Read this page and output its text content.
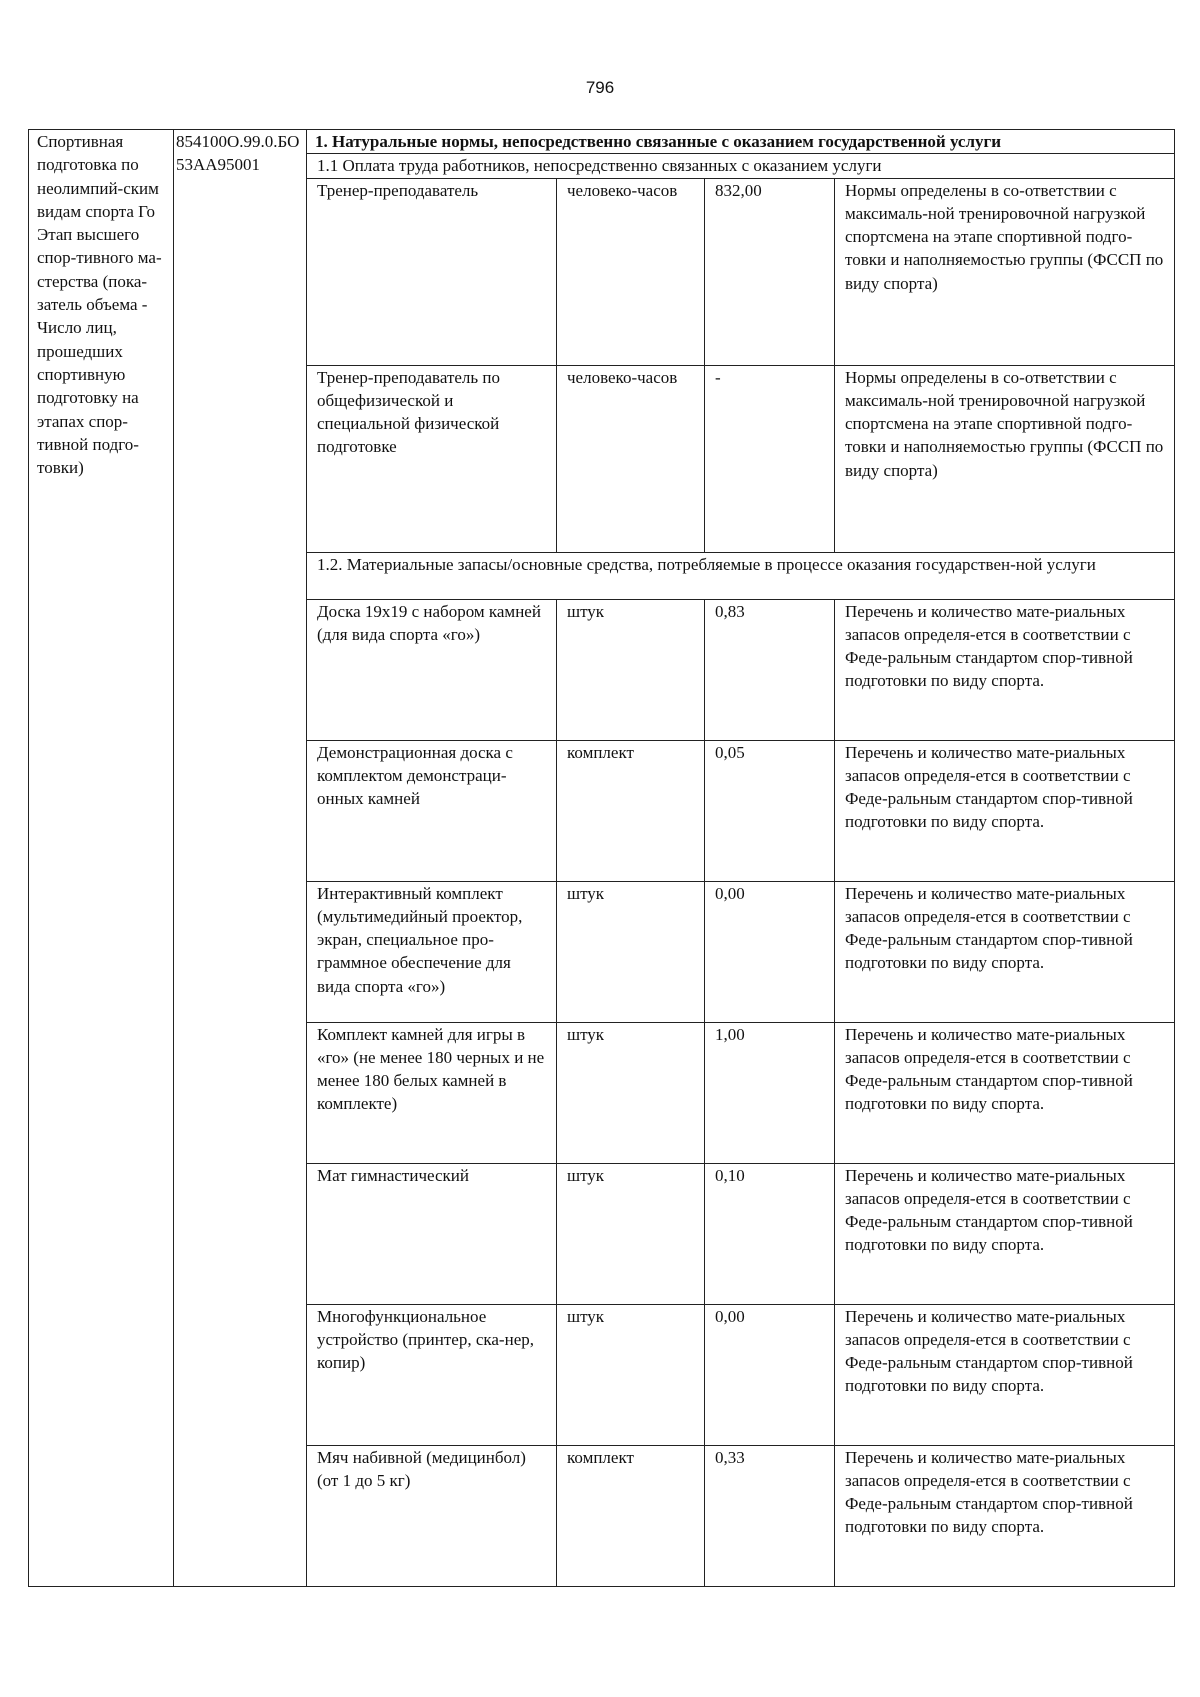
796
Спортивная подготовка по неолимпий-ским видам спорта Го Этап высшего спор-тивного ма-стерства (пока-затель объема - Число лиц, прошедших спортивную подготовку на этапах спор-тивной подго-товки)	854100О.99.0.БО53АА95001	1. Натуральные нормы, непосредственно связанные с оказанием государственной услуги			
		1.1 Оплата труда работников, непосредственно связанных с оказанием услуги			
		Тренер-преподаватель	человеко-часов	832,00	Нормы определены в со-ответствии с максималь-ной тренировочной нагрузкой спортсмена на этапе спортивной подго-товки и наполняемостью группы (ФССП по виду спорта)
		Тренер-преподаватель по общефизической и специальной физической подготовке	человеко-часов	-	Нормы определены в со-ответствии с максималь-ной тренировочной нагрузкой спортсмена на этапе спортивной подго-товки и наполняемостью группы (ФССП по виду спорта)
		1.2. Материальные запасы/основные средства, потребляемые в процессе оказания государствен-ной услуги			
		Доска 19х19 с набором камней (для вида спорта «го»)	штук	0,83	Перечень и количество мате-риальных запасов определя-ется в соответствии с Феде-ральным стандартом спор-тивной подготовки по виду спорта.
		Демонстрационная доска с комплектом демонстраци-онных камней	комплект	0,05	Перечень и количество мате-риальных запасов определя-ется в соответствии с Феде-ральным стандартом спор-тивной подготовки по виду спорта.
		Интерактивный комплект (мультимедийный проектор, экран, специальное про-граммное обеспечение для вида спорта «го»)	штук	0,00	Перечень и количество мате-риальных запасов определя-ется в соответствии с Феде-ральным стандартом спор-тивной подготовки по виду спорта.
		Комплект камней для игры в «го» (не менее 180 черных и не менее 180 белых камней в комплекте)	штук	1,00	Перечень и количество мате-риальных запасов определя-ется в соответствии с Феде-ральным стандартом спор-тивной подготовки по виду спорта.
		Мат гимнастический	штук	0,10	Перечень и количество мате-риальных запасов определя-ется в соответствии с Феде-ральным стандартом спор-тивной подготовки по виду спорта.
		Многофункциональное устройство (принтер, ска-нер, копир)	штук	0,00	Перечень и количество мате-риальных запасов определя-ется в соответствии с Феде-ральным стандартом спор-тивной подготовки по виду спорта.
		Мяч набивной (медицинбол) (от 1 до 5 кг)	комплект	0,33	Перечень и количество мате-риальных запасов определя-ется в соответствии с Феде-ральным стандартом спор-тивной подготовки по виду спорта.
